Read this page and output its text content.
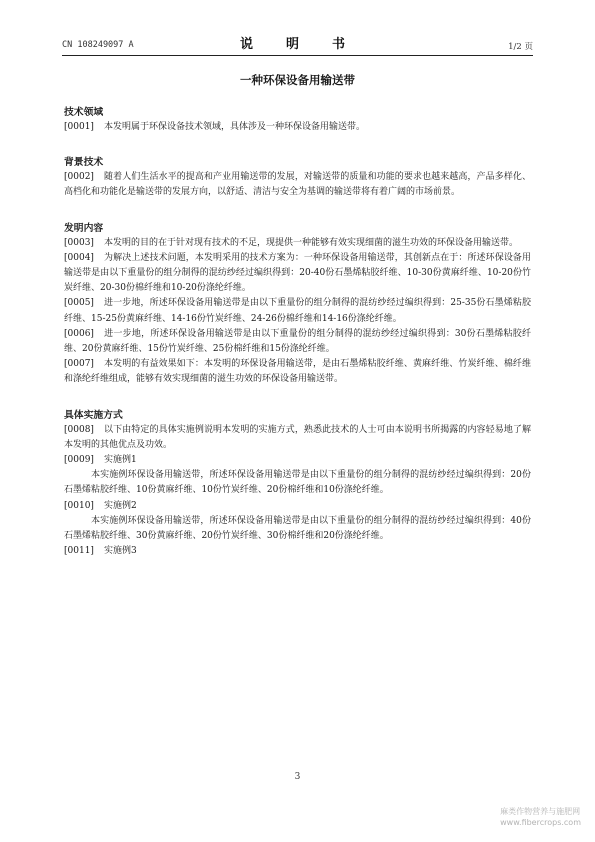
CN 108249097 A	说　明　书	1/2 页
一种环保设备用输送带
技术领域

[0001] 本发明属于环保设备技术领域，具体涉及一种环保设备用输送带。

背景技术

[0002] 随着人们生活水平的提高和产业用输送带的发展，对输送带的质量和功能的要求也越来越高，产品多样化、高档化和功能化是输送带的发展方向，以舒适、清洁与安全为基调的输送带将有着广阔的市场前景。

发明内容

[0003] 本发明的目的在于针对现有技术的不足，现提供一种能够有效实现细菌的滋生功效的环保设备用输送带。

[0004] 为解决上述技术问题，本发明采用的技术方案为：一种环保设备用输送带，其创新点在于：所述环保设备用输送带是由以下重量份的组分制得的混纺纱经过编织得到：20-40份石墨烯粘胶纤维、10-30份黄麻纤维、10-20份竹炭纤维、20-30份棉纤维和10-20份涤纶纤维。

[0005] 进一步地，所述环保设备用输送带是由以下重量份的组分制得的混纺纱经过编织得到：25-35份石墨烯粘胶纤维、15-25份黄麻纤维、14-16份竹炭纤维、24-26份棉纤维和14-16份涤纶纤维。

[0006] 进一步地，所述环保设备用输送带是由以下重量份的组分制得的混纺纱经过编织得到：30份石墨烯粘胶纤维、20份黄麻纤维、15份竹炭纤维、25份棉纤维和15份涤纶纤维。

[0007] 本发明的有益效果如下：本发明的环保设备用输送带，是由石墨烯粘胶纤维、黄麻纤维、竹炭纤维、棉纤维和涤纶纤维组成，能够有效实现细菌的滋生功效的环保设备用输送带。

具体实施方式

[0008] 以下由特定的具体实施例说明本发明的实施方式，熟悉此技术的人士可由本说明书所揭露的内容轻易地了解本发明的其他优点及功效。

[0009] 实施例1

本实施例环保设备用输送带，所述环保设备用输送带是由以下重量份的组分制得的混纺纱经过编织得到：20份石墨烯粘胶纤维、10份黄麻纤维、10份竹炭纤维、20份棉纤维和10份涤纶纤维。

[0010] 实施例2

本实施例环保设备用输送带，所述环保设备用输送带是由以下重量份的组分制得的混纺纱经过编织得到：40份石墨烯粘胶纤维、30份黄麻纤维、20份竹炭纤维、30份棉纤维和20份涤纶纤维。

[0011] 实施例3

3
麻类作物营养与施肥网
www.fibercrops.com
